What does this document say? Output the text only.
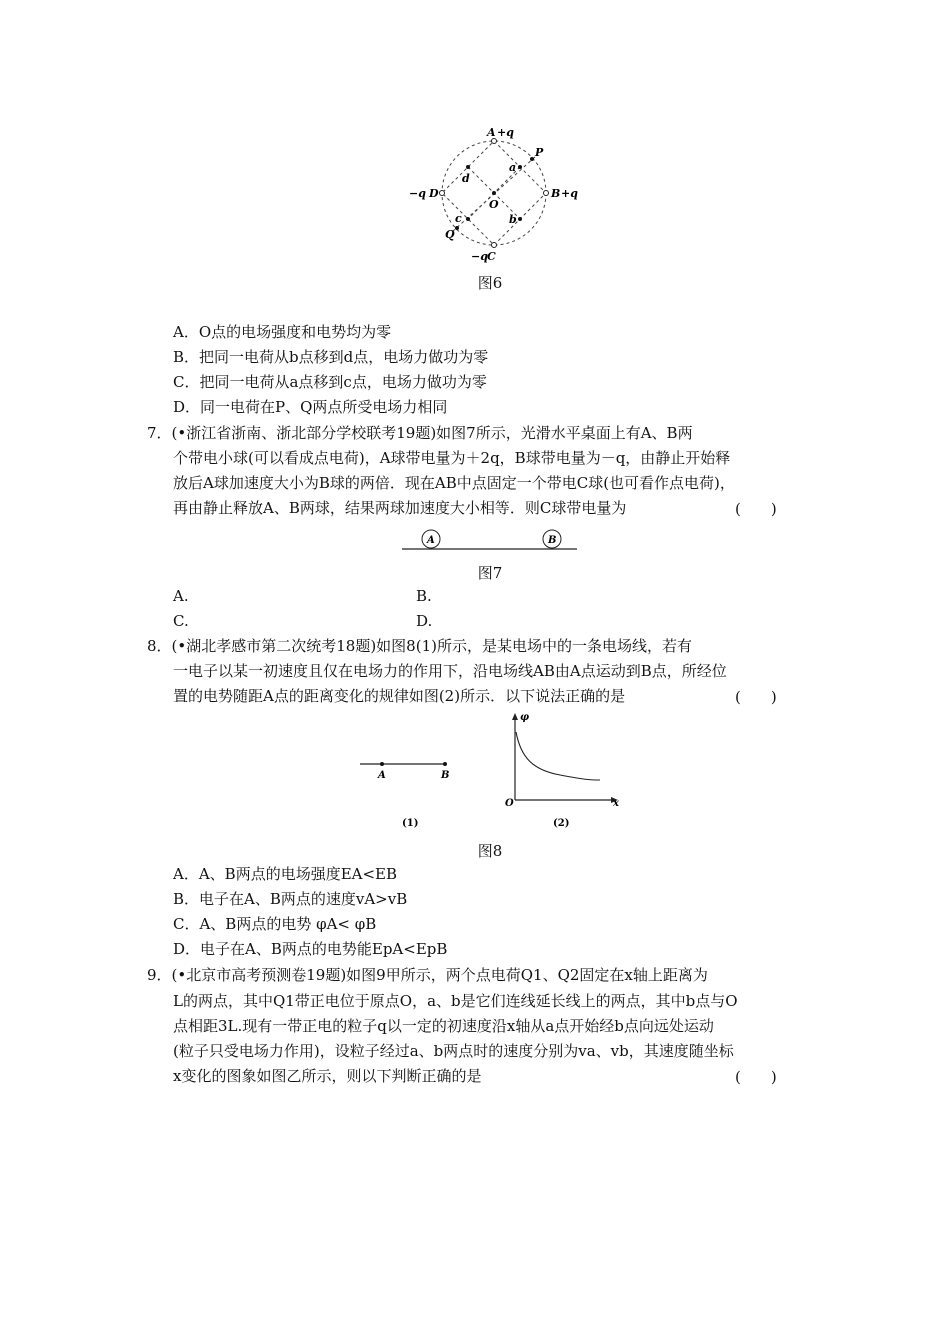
A +q
B +q
C
−q
D
−q
O
P
Q
a
b
c
d
图6
A．O点的电场强度和电势均为零
B．把同一电荷从b点移到d点，电场力做功为零
C．把同一电荷从a点移到c点，电场力做功为零
D．同一电荷在P、Q两点所受电场力相同
7．(•浙江省浙南、浙北部分学校联考19题)如图7所示，光滑水平桌面上有A、B两
个带电小球(可以看成点电荷)，A球带电量为＋2q，B球带电量为－q，由静止开始释
放后A球加速度大小为B球的两倍．现在AB中点固定一个带电C球(也可看作点电荷)，
再由静止释放A、B两球，结果两球加速度大小相等．则C球带电量为	(　　)
A	B
图7
A.	B.
C.	D.
8．(•湖北孝感市第二次统考18题)如图8(1)所示，是某电场中的一条电场线，若有
一电子以某一初速度且仅在电场力的作用下，沿电场线AB由A点运动到B点，所经位
置的电势随距A点的距离变化的规律如图(2)所示．以下说法正确的是	(　　)
A	B
(1)
φ
O	x
(2)
图8
A．A、B两点的电场强度EA<EB
B．电子在A、B两点的速度vA>vB
C．A、B两点的电势 φA< φB
D．电子在A、B两点的电势能EpA<EpB
9．(•北京市高考预测卷19题)如图9甲所示，两个点电荷Q1、Q2固定在x轴上距离为
L的两点，其中Q1带正电位于原点O，a、b是它们连线延长线上的两点，其中b点与O
点相距3L.现有一带正电的粒子q以一定的初速度沿x轴从a点开始经b点向远处运动
(粒子只受电场力作用)，设粒子经过a、b两点时的速度分别为va、vb，其速度随坐标
x变化的图象如图乙所示，则以下判断正确的是	(　　)
